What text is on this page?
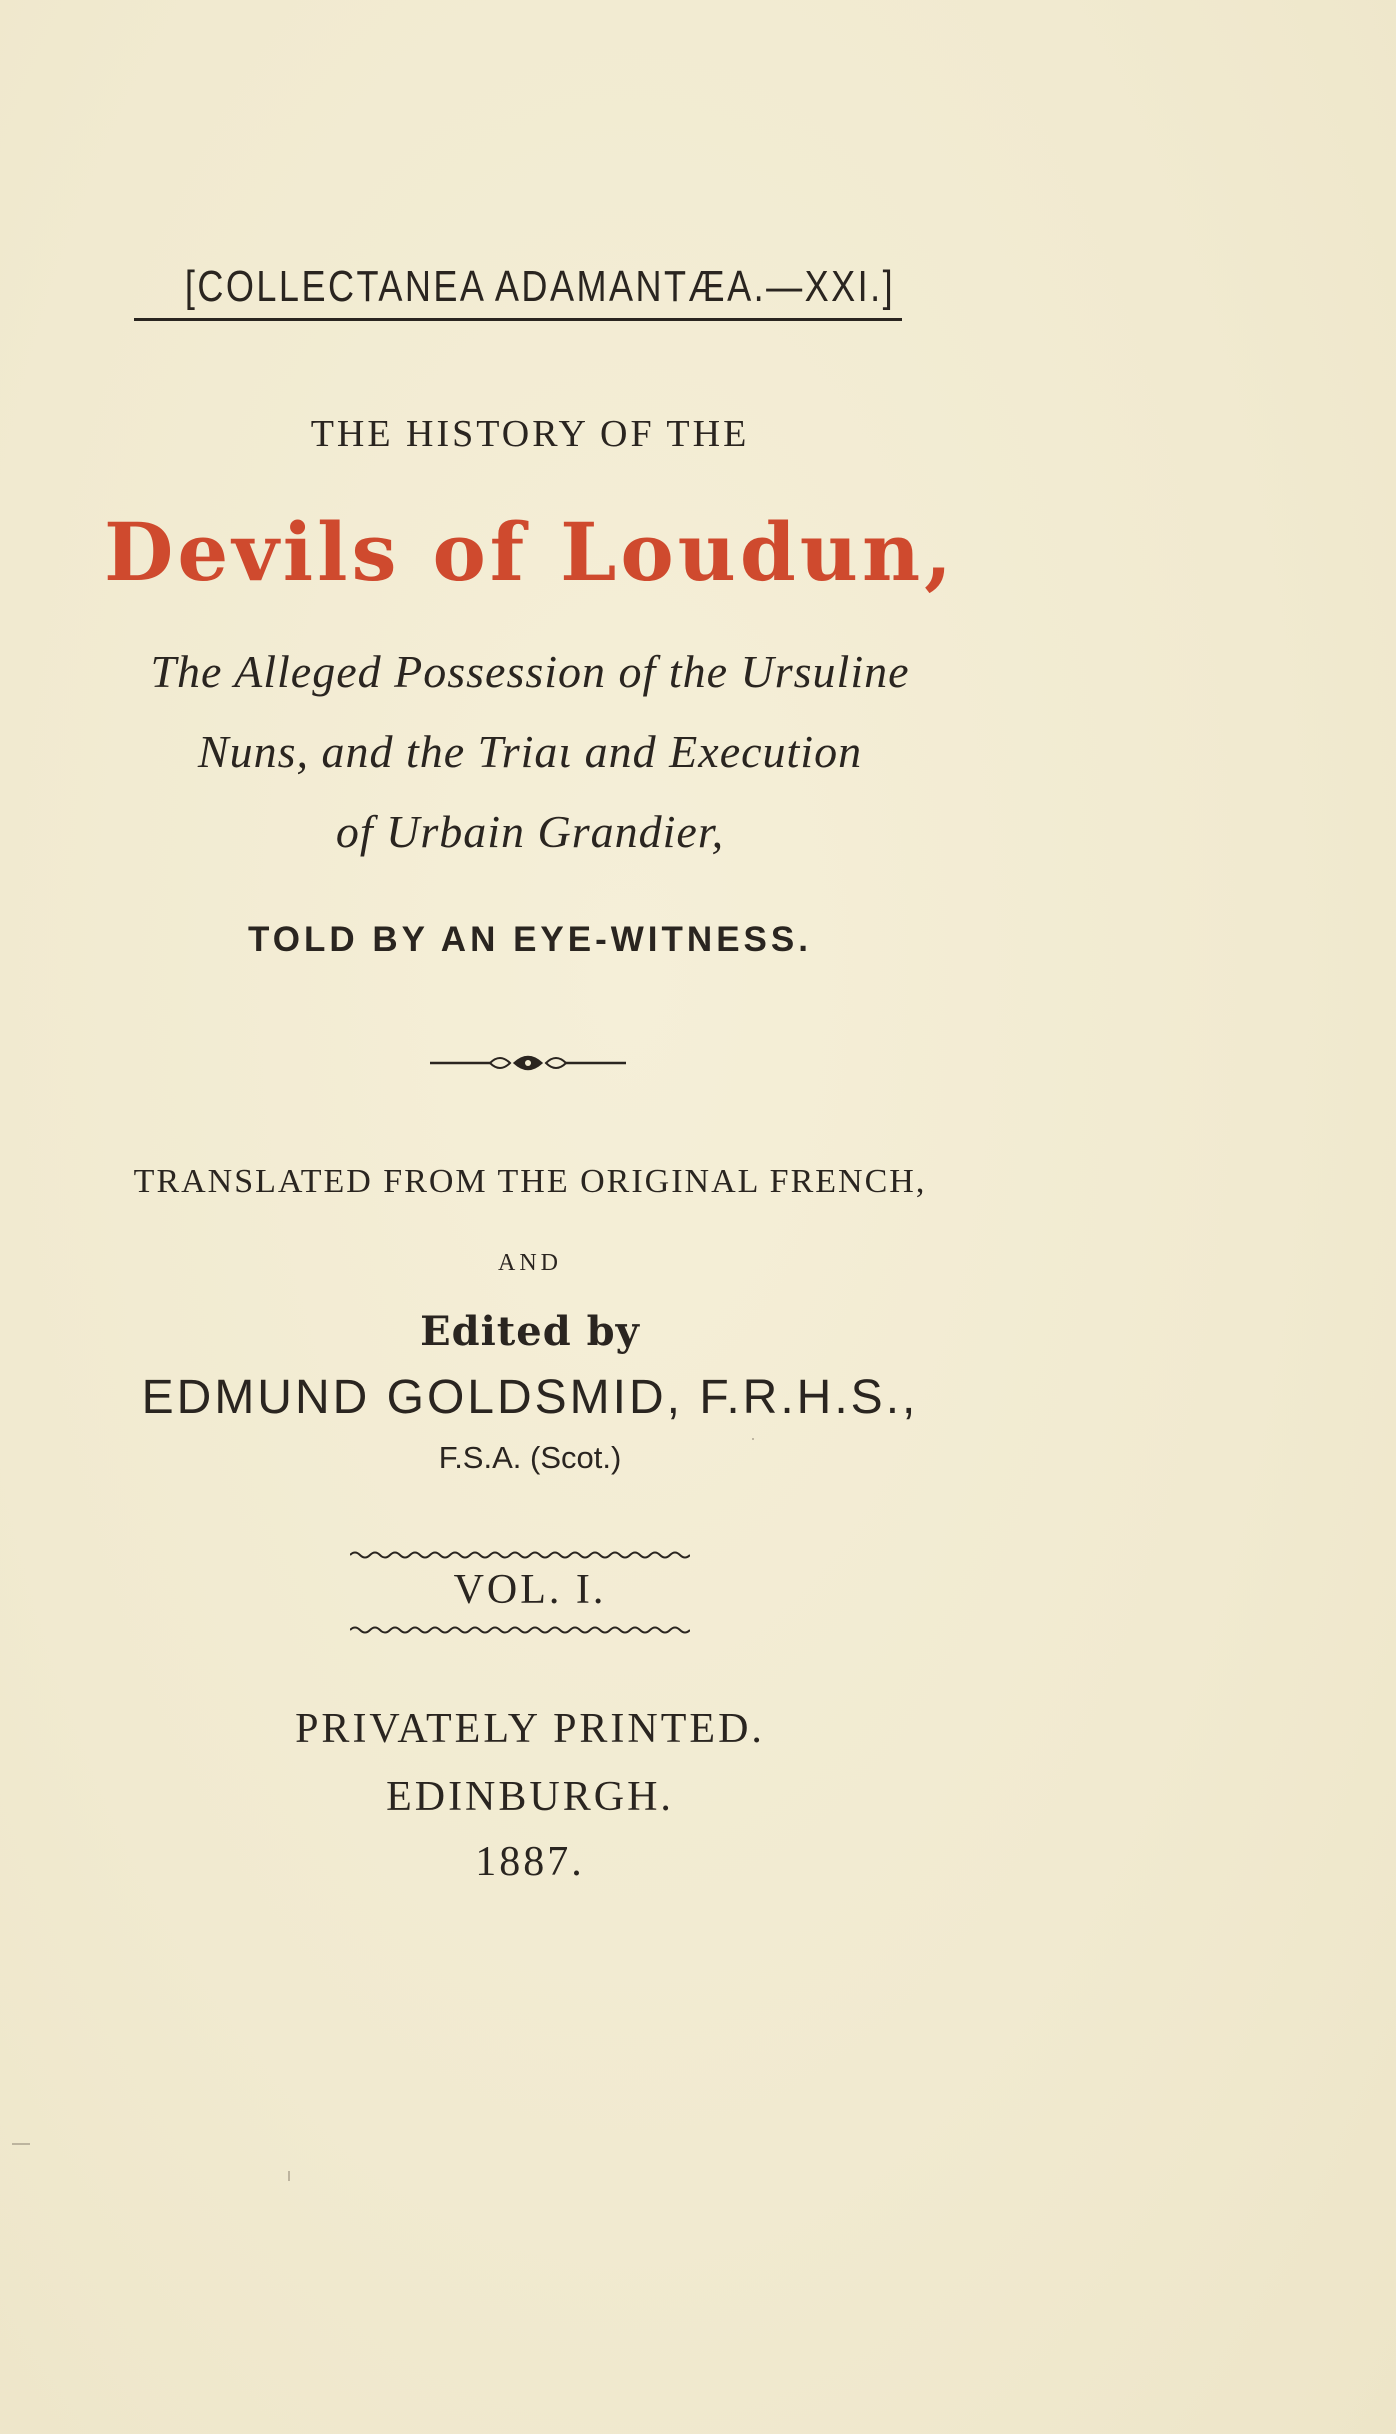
[COLLECTANEA ADAMANTÆA.—XXI.]
THE HISTORY OF THE
Devils of Loudun,
The Alleged Possession of the Ursuline
Nuns, and the Triaι and Execution
of Urbain Grandier,
TOLD BY AN EYE-WITNESS.
TRANSLATED FROM THE ORIGINAL FRENCH,
AND
Edited by
EDMUND GOLDSMID, F.R.H.S.,
F.S.A. (Scot.)
VOL. I.
PRIVATELY PRINTED.
EDINBURGH.
1887.
